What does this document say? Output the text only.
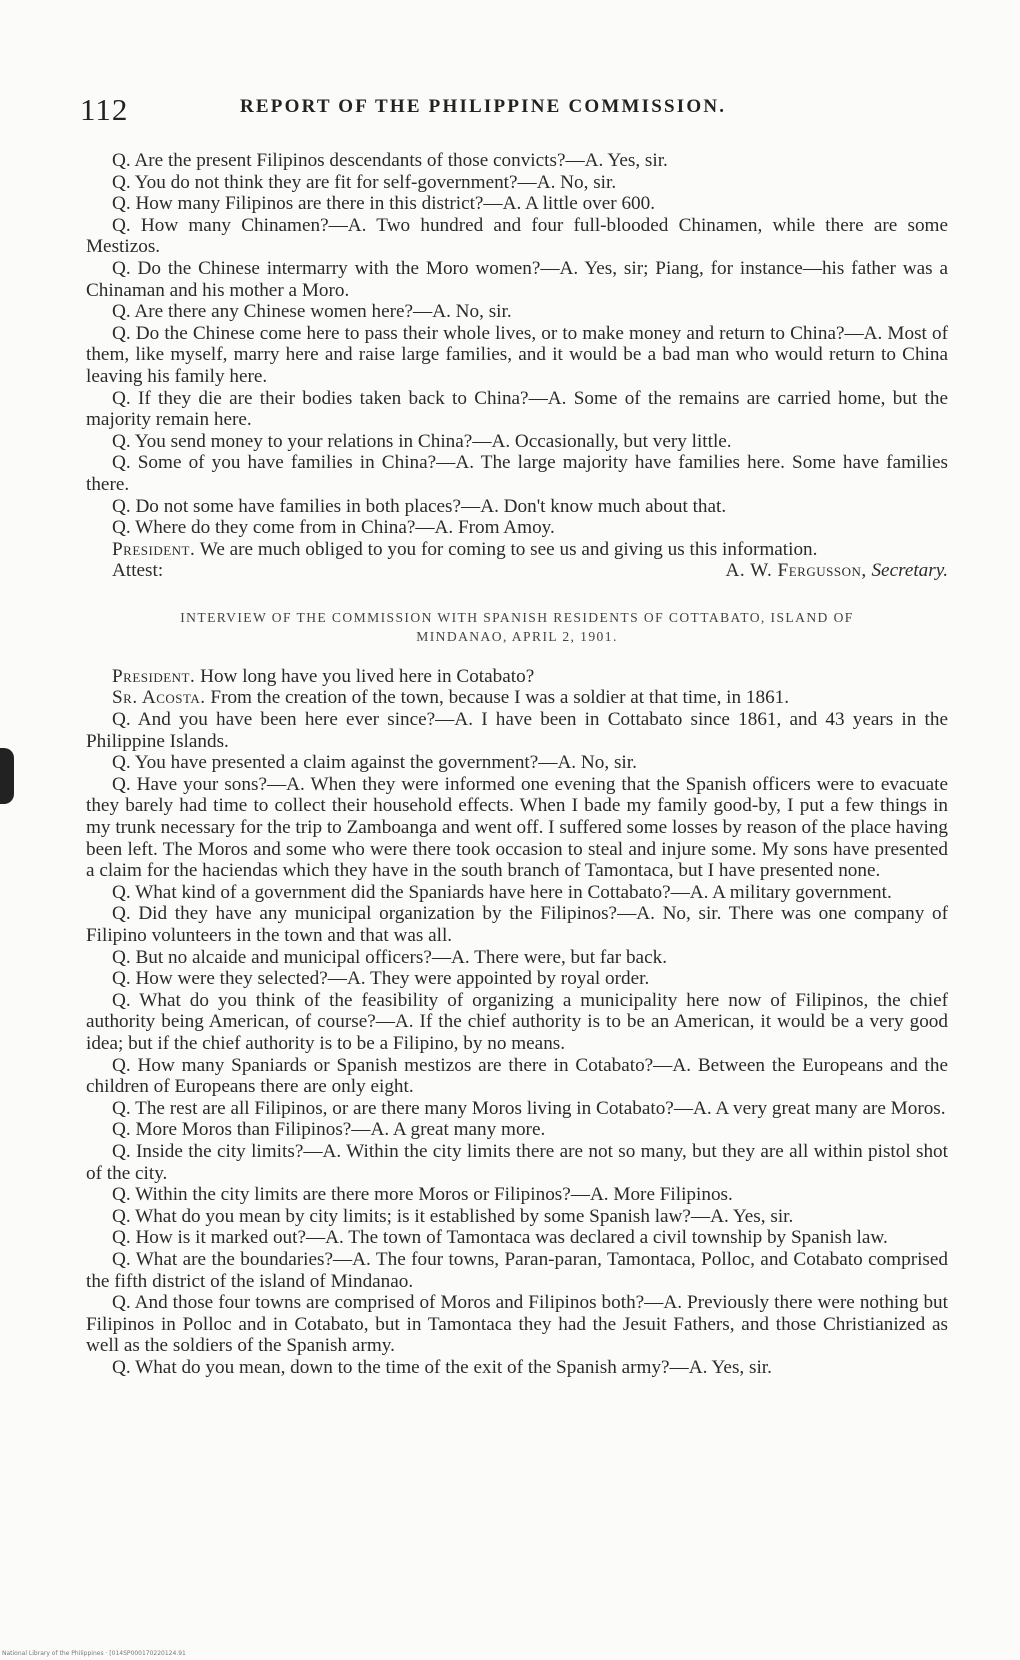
112	REPORT OF THE PHILIPPINE COMMISSION.

Q. Are the present Filipinos descendants of those convicts?—A. Yes, sir.

Q. You do not think they are fit for self-government?—A. No, sir.

Q. How many Filipinos are there in this district?—A. A little over 600.

Q. How many Chinamen?—A. Two hundred and four full-blooded Chinamen, while there are some Mestizos.

Q. Do the Chinese intermarry with the Moro women?—A. Yes, sir; Piang, for instance—his father was a Chinaman and his mother a Moro.

Q. Are there any Chinese women here?—A. No, sir.

Q. Do the Chinese come here to pass their whole lives, or to make money and return to China?—A. Most of them, like myself, marry here and raise large families, and it would be a bad man who would return to China leaving his family here.

Q. If they die are their bodies taken back to China?—A. Some of the remains are carried home, but the majority remain here.

Q. You send money to your relations in China?—A. Occasionally, but very little.

Q. Some of you have families in China?—A. The large majority have families here. Some have families there.

Q. Do not some have families in both places?—A. Don't know much about that.

Q. Where do they come from in China?—A. From Amoy.

President. We are much obliged to you for coming to see us and giving us this information.

Attest:	A. W. Fergusson, Secretary.
INTERVIEW OF THE COMMISSION WITH SPANISH RESIDENTS OF COTTABATO, ISLAND OF
MINDANAO, APRIL 2, 1901.

President. How long have you lived here in Cotabato?

Sr. Acosta. From the creation of the town, because I was a soldier at that time, in 1861.

Q. And you have been here ever since?—A. I have been in Cottabato since 1861, and 43 years in the Philippine Islands.

Q. You have presented a claim against the government?—A. No, sir.

Q. Have your sons?—A. When they were informed one evening that the Spanish officers were to evacuate they barely had time to collect their household effects. When I bade my family good-by, I put a few things in my trunk necessary for the trip to Zamboanga and went off. I suffered some losses by reason of the place having been left. The Moros and some who were there took occasion to steal and injure some. My sons have presented a claim for the haciendas which they have in the south branch of Tamontaca, but I have presented none.

Q. What kind of a government did the Spaniards have here in Cottabato?—A. A military government.

Q. Did they have any municipal organization by the Filipinos?—A. No, sir. There was one company of Filipino volunteers in the town and that was all.

Q. But no alcaide and municipal officers?—A. There were, but far back.

Q. How were they selected?—A. They were appointed by royal order.

Q. What do you think of the feasibility of organizing a municipality here now of Filipinos, the chief authority being American, of course?—A. If the chief authority is to be an American, it would be a very good idea; but if the chief authority is to be a Filipino, by no means.

Q. How many Spaniards or Spanish mestizos are there in Cotabato?—A. Between the Europeans and the children of Europeans there are only eight.

Q. The rest are all Filipinos, or are there many Moros living in Cotabato?—A. A very great many are Moros.

Q. More Moros than Filipinos?—A. A great many more.

Q. Inside the city limits?—A. Within the city limits there are not so many, but they are all within pistol shot of the city.

Q. Within the city limits are there more Moros or Filipinos?—A. More Filipinos.

Q. What do you mean by city limits; is it established by some Spanish law?—A. Yes, sir.

Q. How is it marked out?—A. The town of Tamontaca was declared a civil township by Spanish law.

Q. What are the boundaries?—A. The four towns, Paran-paran, Tamontaca, Polloc, and Cotabato comprised the fifth district of the island of Mindanao.

Q. And those four towns are comprised of Moros and Filipinos both?—A. Previously there were nothing but Filipinos in Polloc and in Cotabato, but in Tamontaca they had the Jesuit Fathers, and those Christianized as well as the soldiers of the Spanish army.

Q. What do you mean, down to the time of the exit of the Spanish army?—A. Yes, sir.

National Library of the Philippines · [014SP000170220124.91
